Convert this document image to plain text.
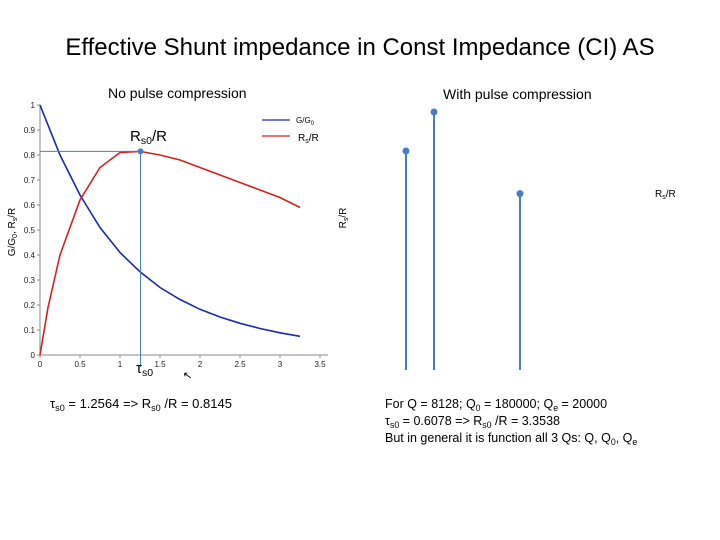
Effective Shunt impedance in Const Impedance (CI) AS
No pulse compression	With pulse compression
0
0.1
0.2
0.3
0.4
0.5
0.6
0.7
0.8
0.9
1
0	0.5	1	1.5	2	2.5	3	3.5
$G/G_0$, $R_s/R$
$G/G_0$
$R_s/R$
$R_s/R$
$R_s/R$
$R_{s0}/R$
$\tau_{s0}$	↖
$\tau_{s0} = 1.2564 => R_{s0}$ /R = 0.8145	For Q = 8128; $Q_0 = 180000$; $Q_e = 20000$
$\tau_{s0} = 0.6078 => R_{s0}$ /R = 3.3538
But in general it is function all 3 Qs: Q, $Q_0$, $Q_e$
